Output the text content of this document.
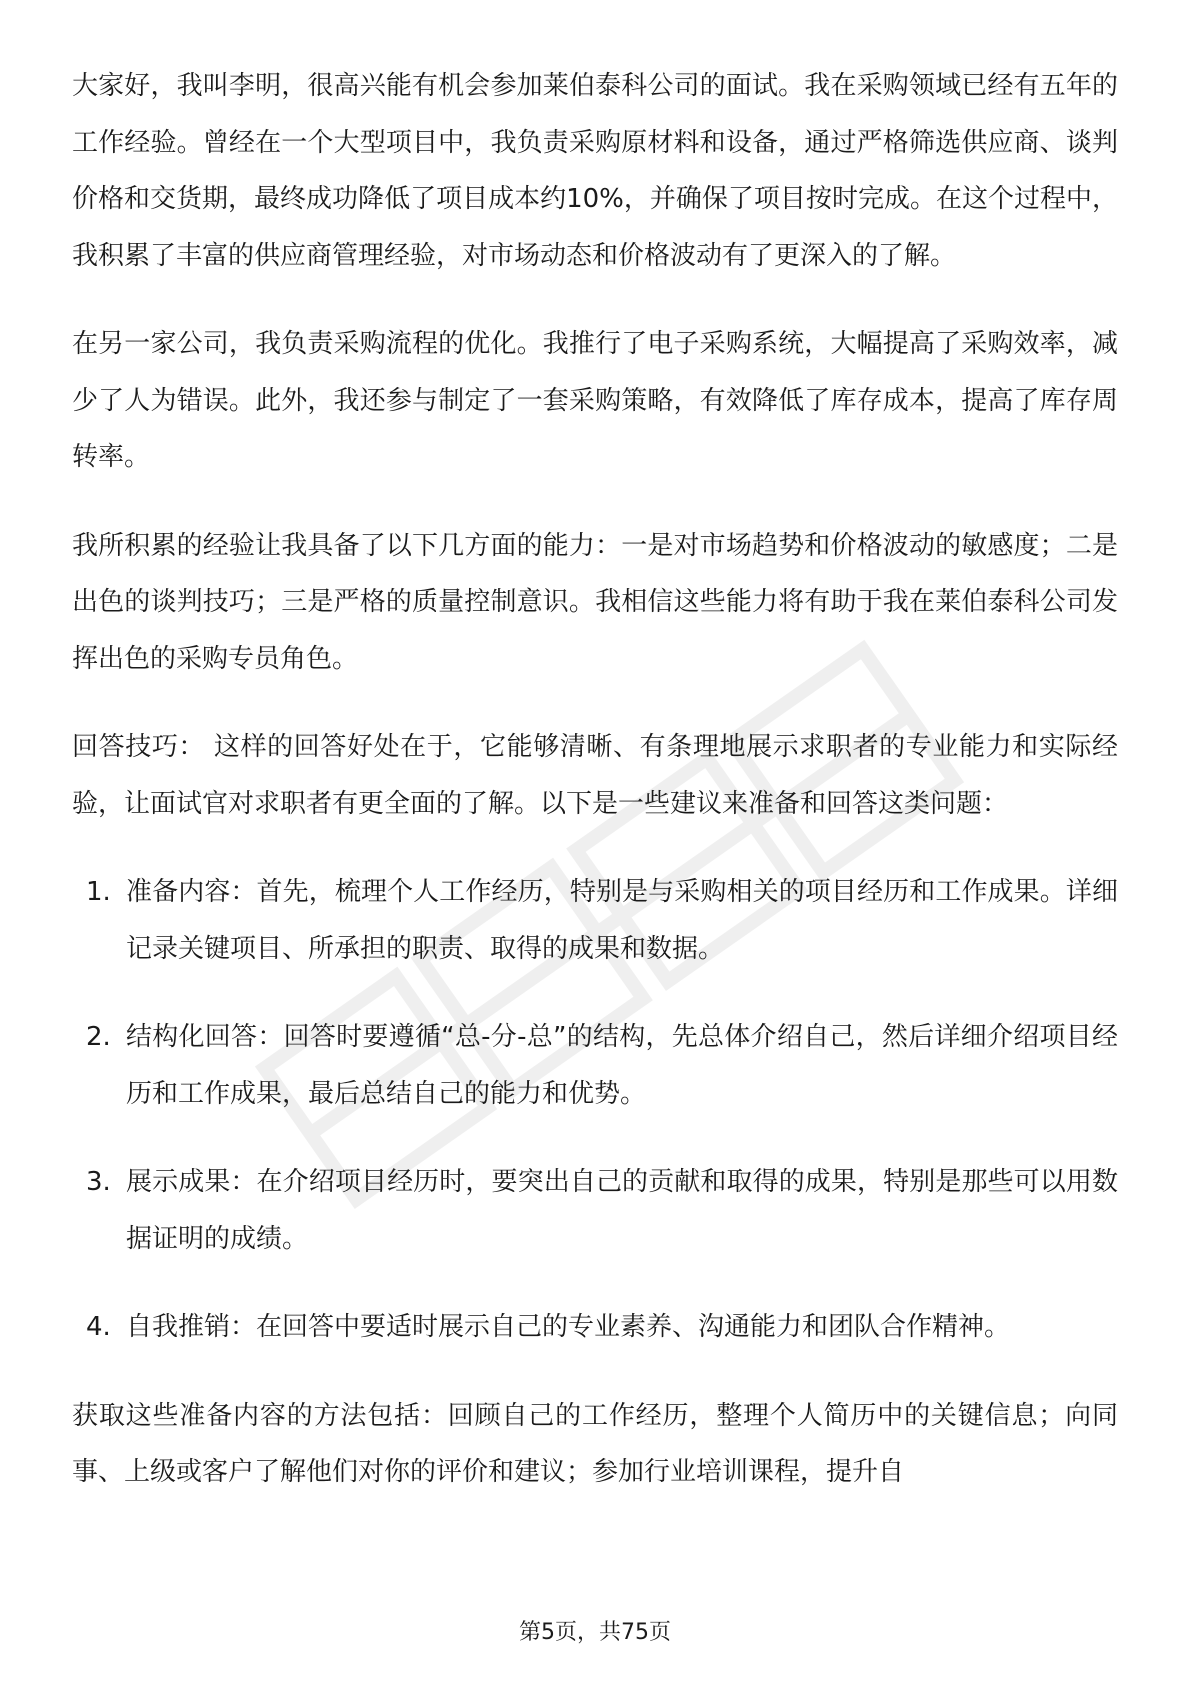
职汇宝用品

大家好，我叫李明，很高兴能有机会参加莱伯泰科公司的面试。我在采购领域已经有五年的工作经验。曾经在一个大型项目中，我负责采购原材料和设备，通过严格筛选供应商、谈判价格和交货期，最终成功降低了项目成本约10%，并确保了项目按时完成。在这个过程中，我积累了丰富的供应商管理经验，对市场动态和价格波动有了更深入的了解。

在另一家公司，我负责采购流程的优化。我推行了电子采购系统，大幅提高了采购效率，减少了人为错误。此外，我还参与制定了一套采购策略，有效降低了库存成本，提高了库存周转率。

我所积累的经验让我具备了以下几方面的能力：一是对市场趋势和价格波动的敏感度；二是出色的谈判技巧；三是严格的质量控制意识。我相信这些能力将有助于我在莱伯泰科公司发挥出色的采购专员角色。

回答技巧： 这样的回答好处在于，它能够清晰、有条理地展示求职者的专业能力和实际经验，让面试官对求职者有更全面的了解。以下是一些建议来准备和回答这类问题：

1. 准备内容：首先，梳理个人工作经历，特别是与采购相关的项目经历和工作成果。详细记录关键项目、所承担的职责、取得的成果和数据。
2. 结构化回答：回答时要遵循“总-分-总”的结构，先总体介绍自己，然后详细介绍项目经历和工作成果，最后总结自己的能力和优势。
3. 展示成果：在介绍项目经历时，要突出自己的贡献和取得的成果，特别是那些可以用数据证明的成绩。
4. 自我推销：在回答中要适时展示自己的专业素养、沟通能力和团队合作精神。

获取这些准备内容的方法包括：回顾自己的工作经历，整理个人简历中的关键信息；向同事、上级或客户了解他们对你的评价和建议；参加行业培训课程，提升自

第5页，共75页
